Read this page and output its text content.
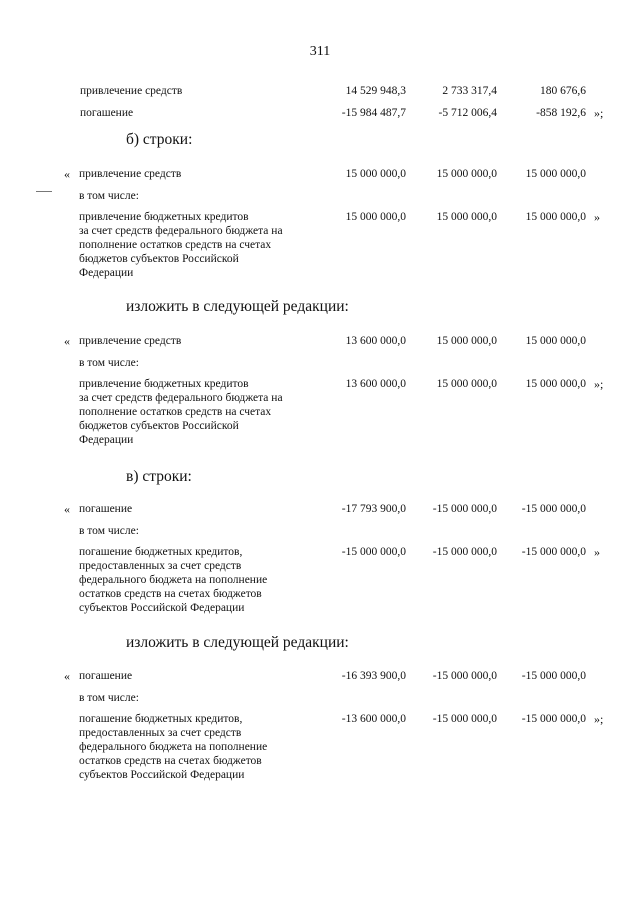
311
привлечение средств	14 529 948,3	2 733 317,4	180 676,6
погашение	-15 984 487,7	-5 712 006,4	-858 192,6 »;
б) строки:
« привлечение средств	15 000 000,0	15 000 000,0	15 000 000,0
в том числе:
привлечение бюджетных кредитов
за счет средств федерального бюджета на
пополнение остатков средств на счетах
бюджетов субъектов Российской
Федерации
15 000 000,0	15 000 000,0	15 000 000,0 »
изложить в следующей редакции:
« привлечение средств	13 600 000,0	15 000 000,0	15 000 000,0
в том числе:
привлечение бюджетных кредитов
за счет средств федерального бюджета на
пополнение остатков средств на счетах
бюджетов субъектов Российской
Федерации
13 600 000,0	15 000 000,0	15 000 000,0 »;
в) строки:
« погашение	-17 793 900,0	-15 000 000,0	-15 000 000,0
в том числе:
погашение бюджетных кредитов,
предоставленных за счет средств
федерального бюджета на пополнение
остатков средств на счетах бюджетов
субъектов Российской Федерации
-15 000 000,0	-15 000 000,0	-15 000 000,0 »
изложить в следующей редакции:
« погашение	-16 393 900,0	-15 000 000,0	-15 000 000,0
в том числе:
погашение бюджетных кредитов,
предоставленных за счет средств
федерального бюджета на пополнение
остатков средств на счетах бюджетов
субъектов Российской Федерации
-13 600 000,0	-15 000 000,0	-15 000 000,0 »;
